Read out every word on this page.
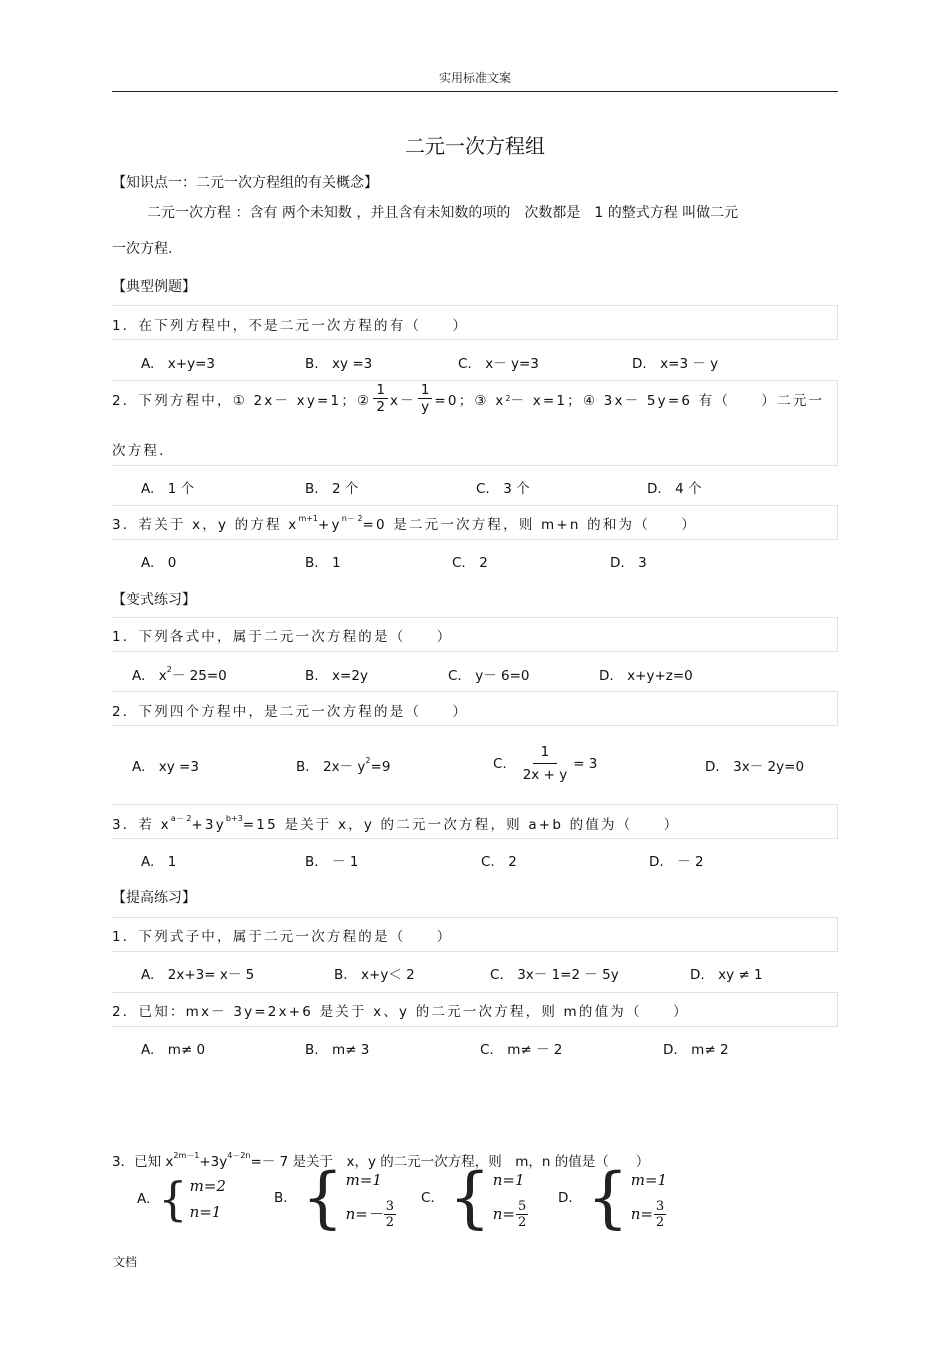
实用标准文案
二元一次方程组
【知识点一：二元一次方程组的有关概念】
二元一次方程 ：含有 两个未知数 ，并且含有未知数的项的　次数都是　1 的整式方程 叫做二元
一次方程.
【典型例题】
1．在下列方程中，不是二元一次方程的有（　　）
A.　x+y=3	B.　xy =3	C.　x－ y=3	D.　x=3 － y
2．下列方程中，① 2x－ xy=1；② $\frac{1}{2} x- \frac{1}{y} =0$；③ x 2 － x=1；④ 3x－ 5y=6 有（　　）二元一
次方程.
A.　1 个	B.　2 个	C.　3 个	D.　4 个
3．若关于 x，y 的方程 $x^{m+1}+y^{n- 2}=0$ 是二元一次方程，则 m+n 的和为（　　）
A.　0	B.　1	C.　2	D.　3
【变式练习】
1．下列各式中，属于二元一次方程的是（　　）
A.　$x^2- 25=0$	B.　x=2y	C.　y－ 6=0	D.　x+y+z=0
2．下列四个方程中，是二元一次方程的是（　　）
A.　xy =3	B.　$2x- y^2=9$	C. $\frac{1}{2x + y} = 3$	D.　3x－ 2y=0
3．若 $x^{a- 2}+3y^{b+3}=15$ 是关于 x，y 的二元一次方程，则 a+b 的值为（　　）
A.　1	B.　－ 1	C.　2	D.　－ 2
【提高练习】
1．下列式子中，属于二元一次方程的是（　　）
A.　2x+3= x－ 5	B.　x+y＜ 2	C.　3x－ 1=2 － 5y	D.　xy ≠ 1
2．已知：mx－ 3y=2x+6 是关于 x、y 的二元一次方程，则 m的值为（　　）
A.　m≠ 0	B.　m≠ 3	C.　m≠ － 2	D.　m≠ 2
3．已知 $x^{2m-1}+3y^{4-2n}=- 7$ 是关于　x，y 的二元一次方程，则　m，n 的值是（　　）
A. { m=2
n=1
B. { m=1
$n=- \frac{3}{2}$
C. { n=1
$n= \frac{5}{2}$
D. { m=1
$n= \frac{3}{2}$
文档
